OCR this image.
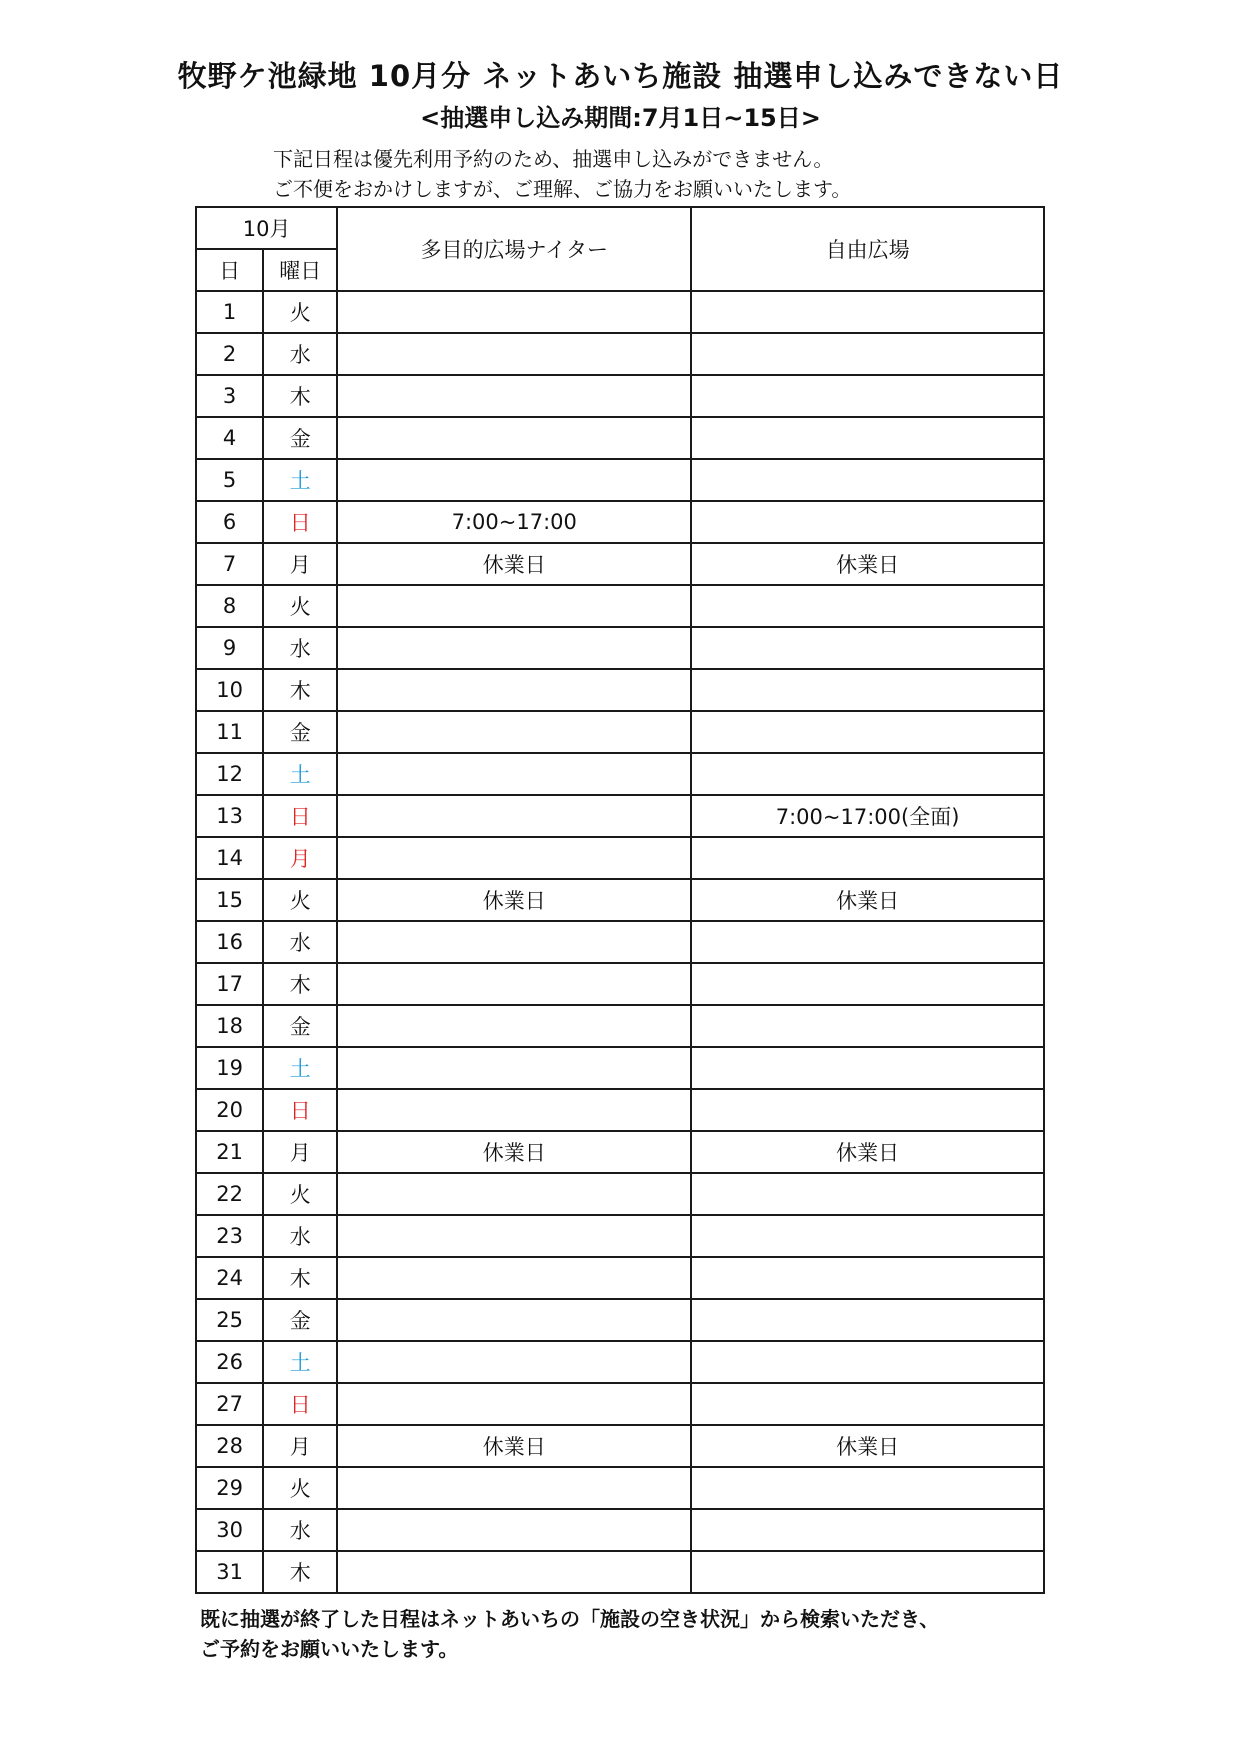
牧野ケ池緑地 10月分 ネットあいち施設 抽選申し込みできない日
<抽選申し込み期間:7月1日~15日>
下記日程は優先利用予約のため、抽選申し込みができません。
ご不便をおかけしますが、ご理解、ご協力をお願いいたします。
10月		多目的広場ナイター	自由広場
日	曜日		
1	火		
2	水		
3	木		
4	金		
5	土		
6	日	7:00~17:00	
7	月	休業日	休業日
8	火		
9	水		
10	木		
11	金		
12	土		
13	日		7:00~17:00(全面)
14	月		
15	火	休業日	休業日
16	水		
17	木		
18	金		
19	土		
20	日		
21	月	休業日	休業日
22	火		
23	水		
24	木		
25	金		
26	土		
27	日		
28	月	休業日	休業日
29	火		
30	水		
31	木		
既に抽選が終了した日程はネットあいちの「施設の空き状況」から検索いただき、
ご予約をお願いいたします。
